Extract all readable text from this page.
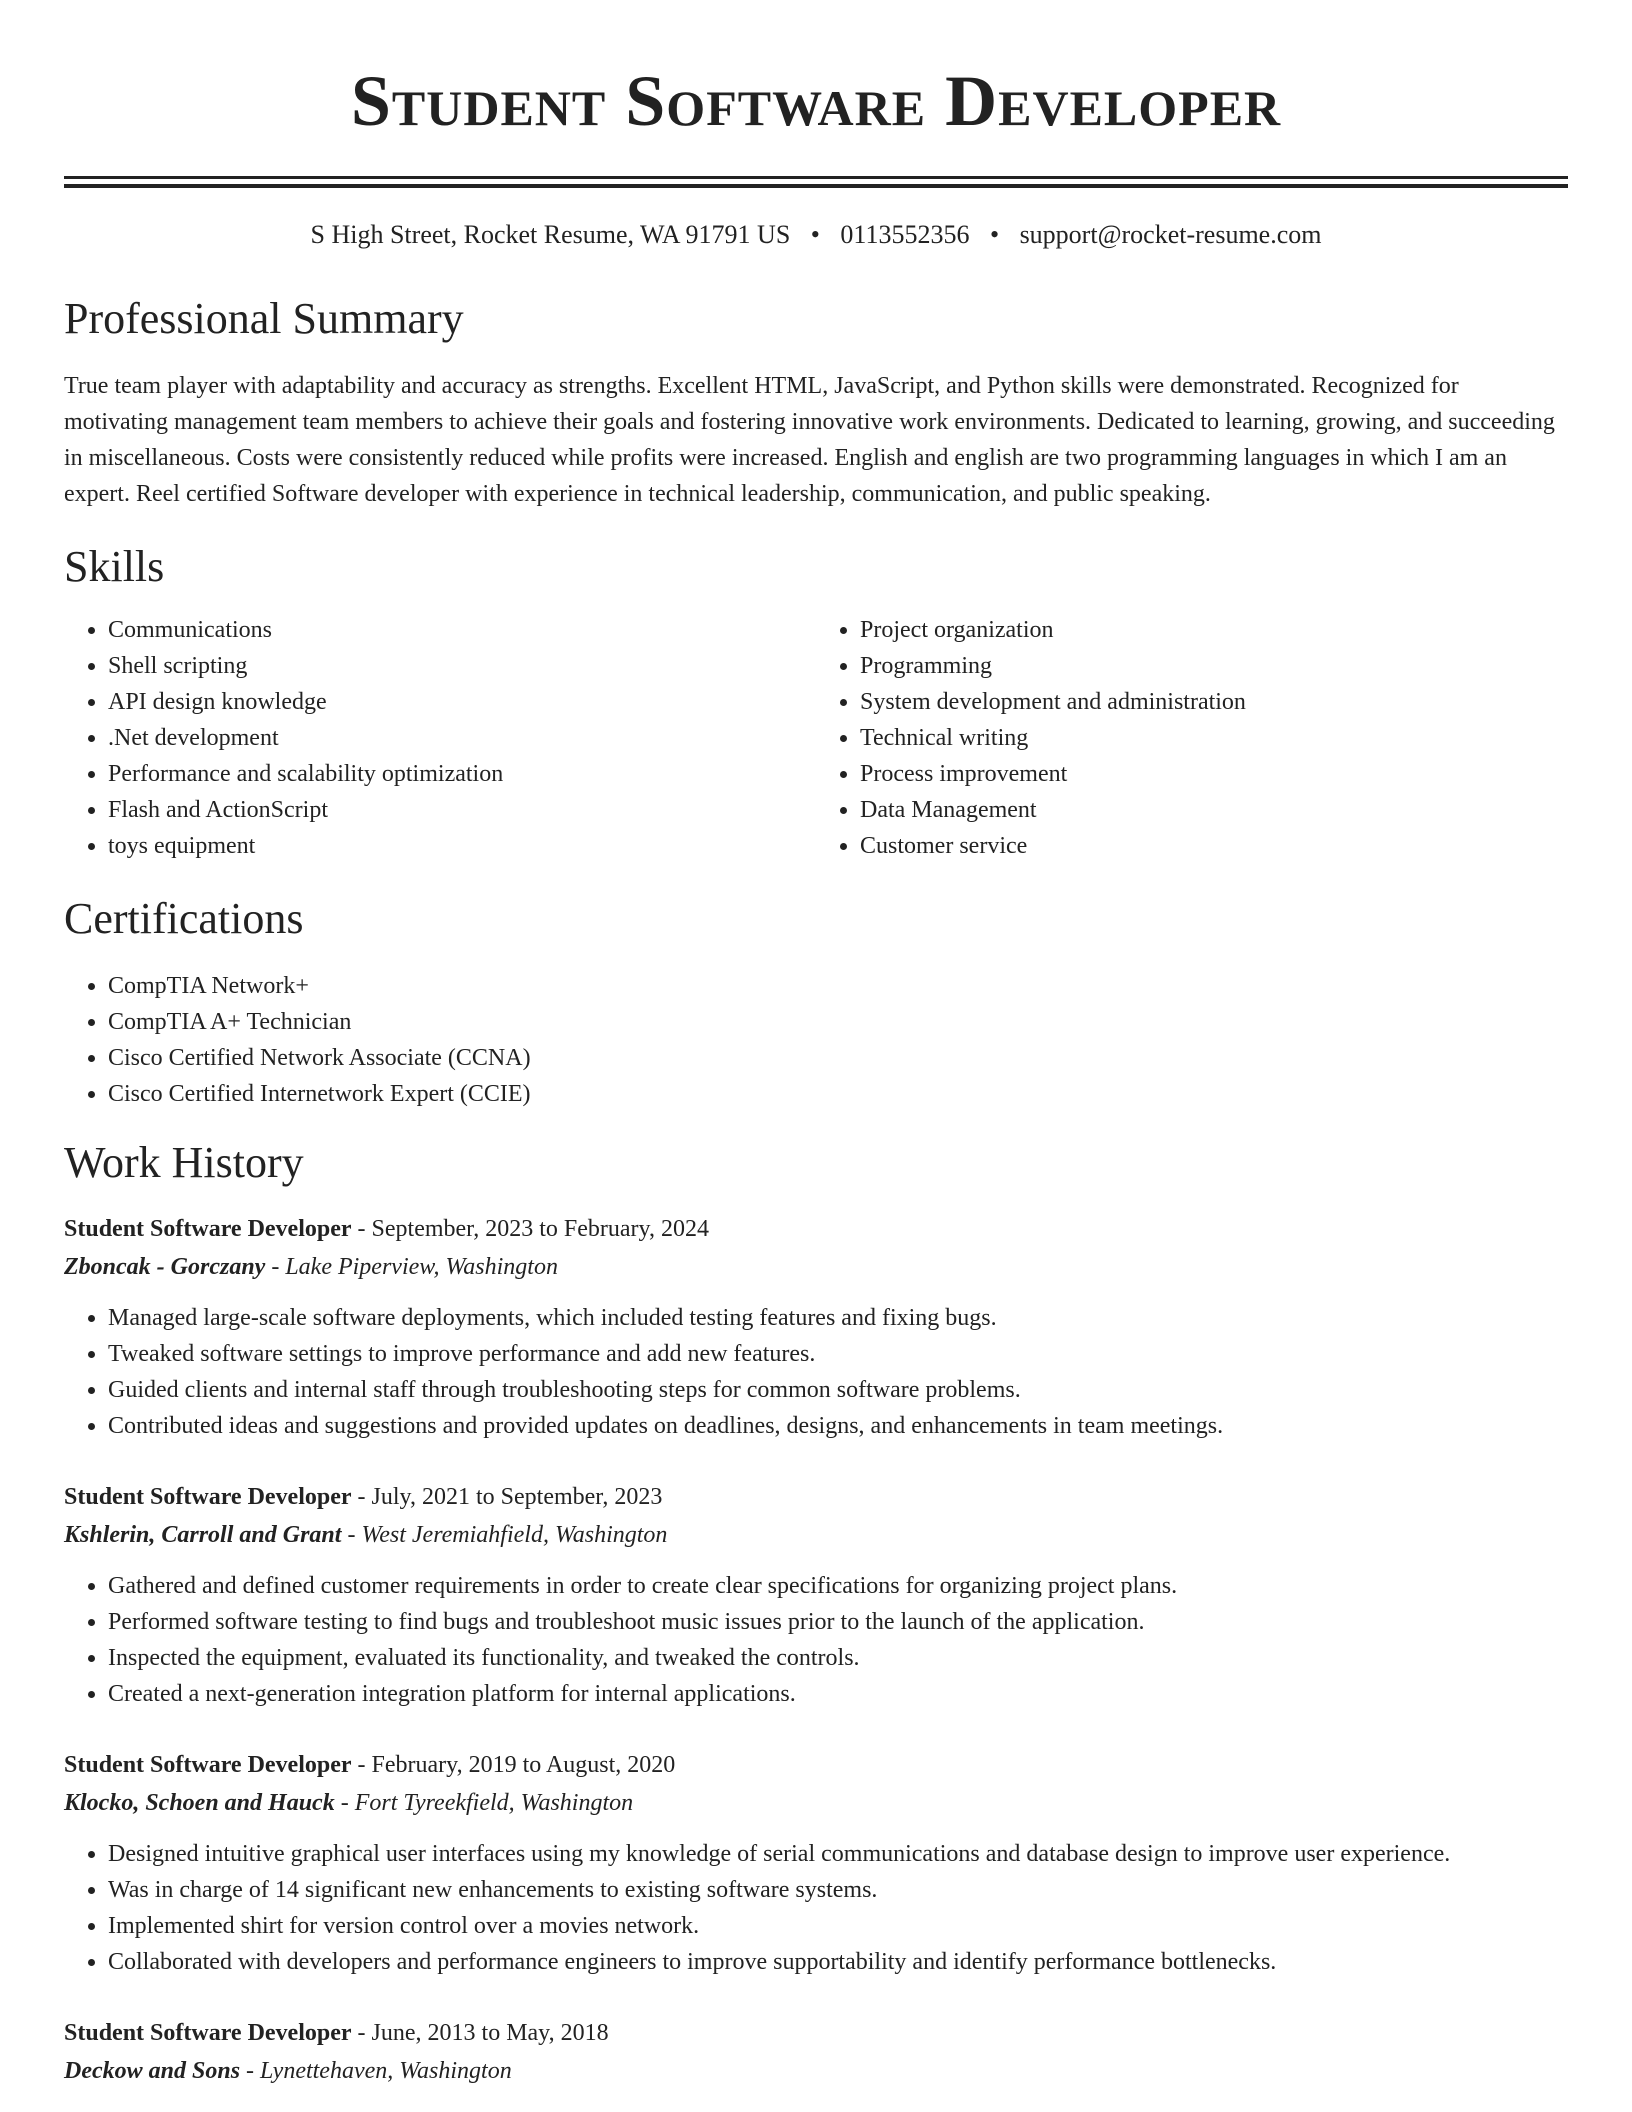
Student Software Developer
S High Street, Rocket Resume, WA 91791 US • 0113552356 • support@rocket-resume.com
Professional Summary

True team player with adaptability and accuracy as strengths. Excellent HTML, JavaScript, and Python skills were demonstrated. Recognized for motivating management team members to achieve their goals and fostering innovative work environments. Dedicated to learning, growing, and succeeding in miscellaneous. Costs were consistently reduced while profits were increased. English and english are two programming languages in which I am an expert. Reel certified Software developer with experience in technical leadership, communication, and public speaking.

Skills
• Communications
• Shell scripting
• API design knowledge
• .Net development
• Performance and scalability optimization
• Flash and ActionScript
• toys equipment
• Project organization
• Programming
• System development and administration
• Technical writing
• Process improvement
• Data Management
• Customer service
Certifications
• CompTIA Network+
• CompTIA A+ Technician
• Cisco Certified Network Associate (CCNA)
• Cisco Certified Internetwork Expert (CCIE)
Work History
Student Software Developer - September, 2023 to February, 2024
Zboncak - Gorczany - Lake Piperview, Washington
• Managed large-scale software deployments, which included testing features and fixing bugs.
• Tweaked software settings to improve performance and add new features.
• Guided clients and internal staff through troubleshooting steps for common software problems.
• Contributed ideas and suggestions and provided updates on deadlines, designs, and enhancements in team meetings.
Student Software Developer - July, 2021 to September, 2023
Kshlerin, Carroll and Grant - West Jeremiahfield, Washington
• Gathered and defined customer requirements in order to create clear specifications for organizing project plans.
• Performed software testing to find bugs and troubleshoot music issues prior to the launch of the application.
• Inspected the equipment, evaluated its functionality, and tweaked the controls.
• Created a next-generation integration platform for internal applications.
Student Software Developer - February, 2019 to August, 2020
Klocko, Schoen and Hauck - Fort Tyreekfield, Washington
• Designed intuitive graphical user interfaces using my knowledge of serial communications and database design to improve user experience.
• Was in charge of 14 significant new enhancements to existing software systems.
• Implemented shirt for version control over a movies network.
• Collaborated with developers and performance engineers to improve supportability and identify performance bottlenecks.
Student Software Developer - June, 2013 to May, 2018
Deckow and Sons - Lynettehaven, Washington
